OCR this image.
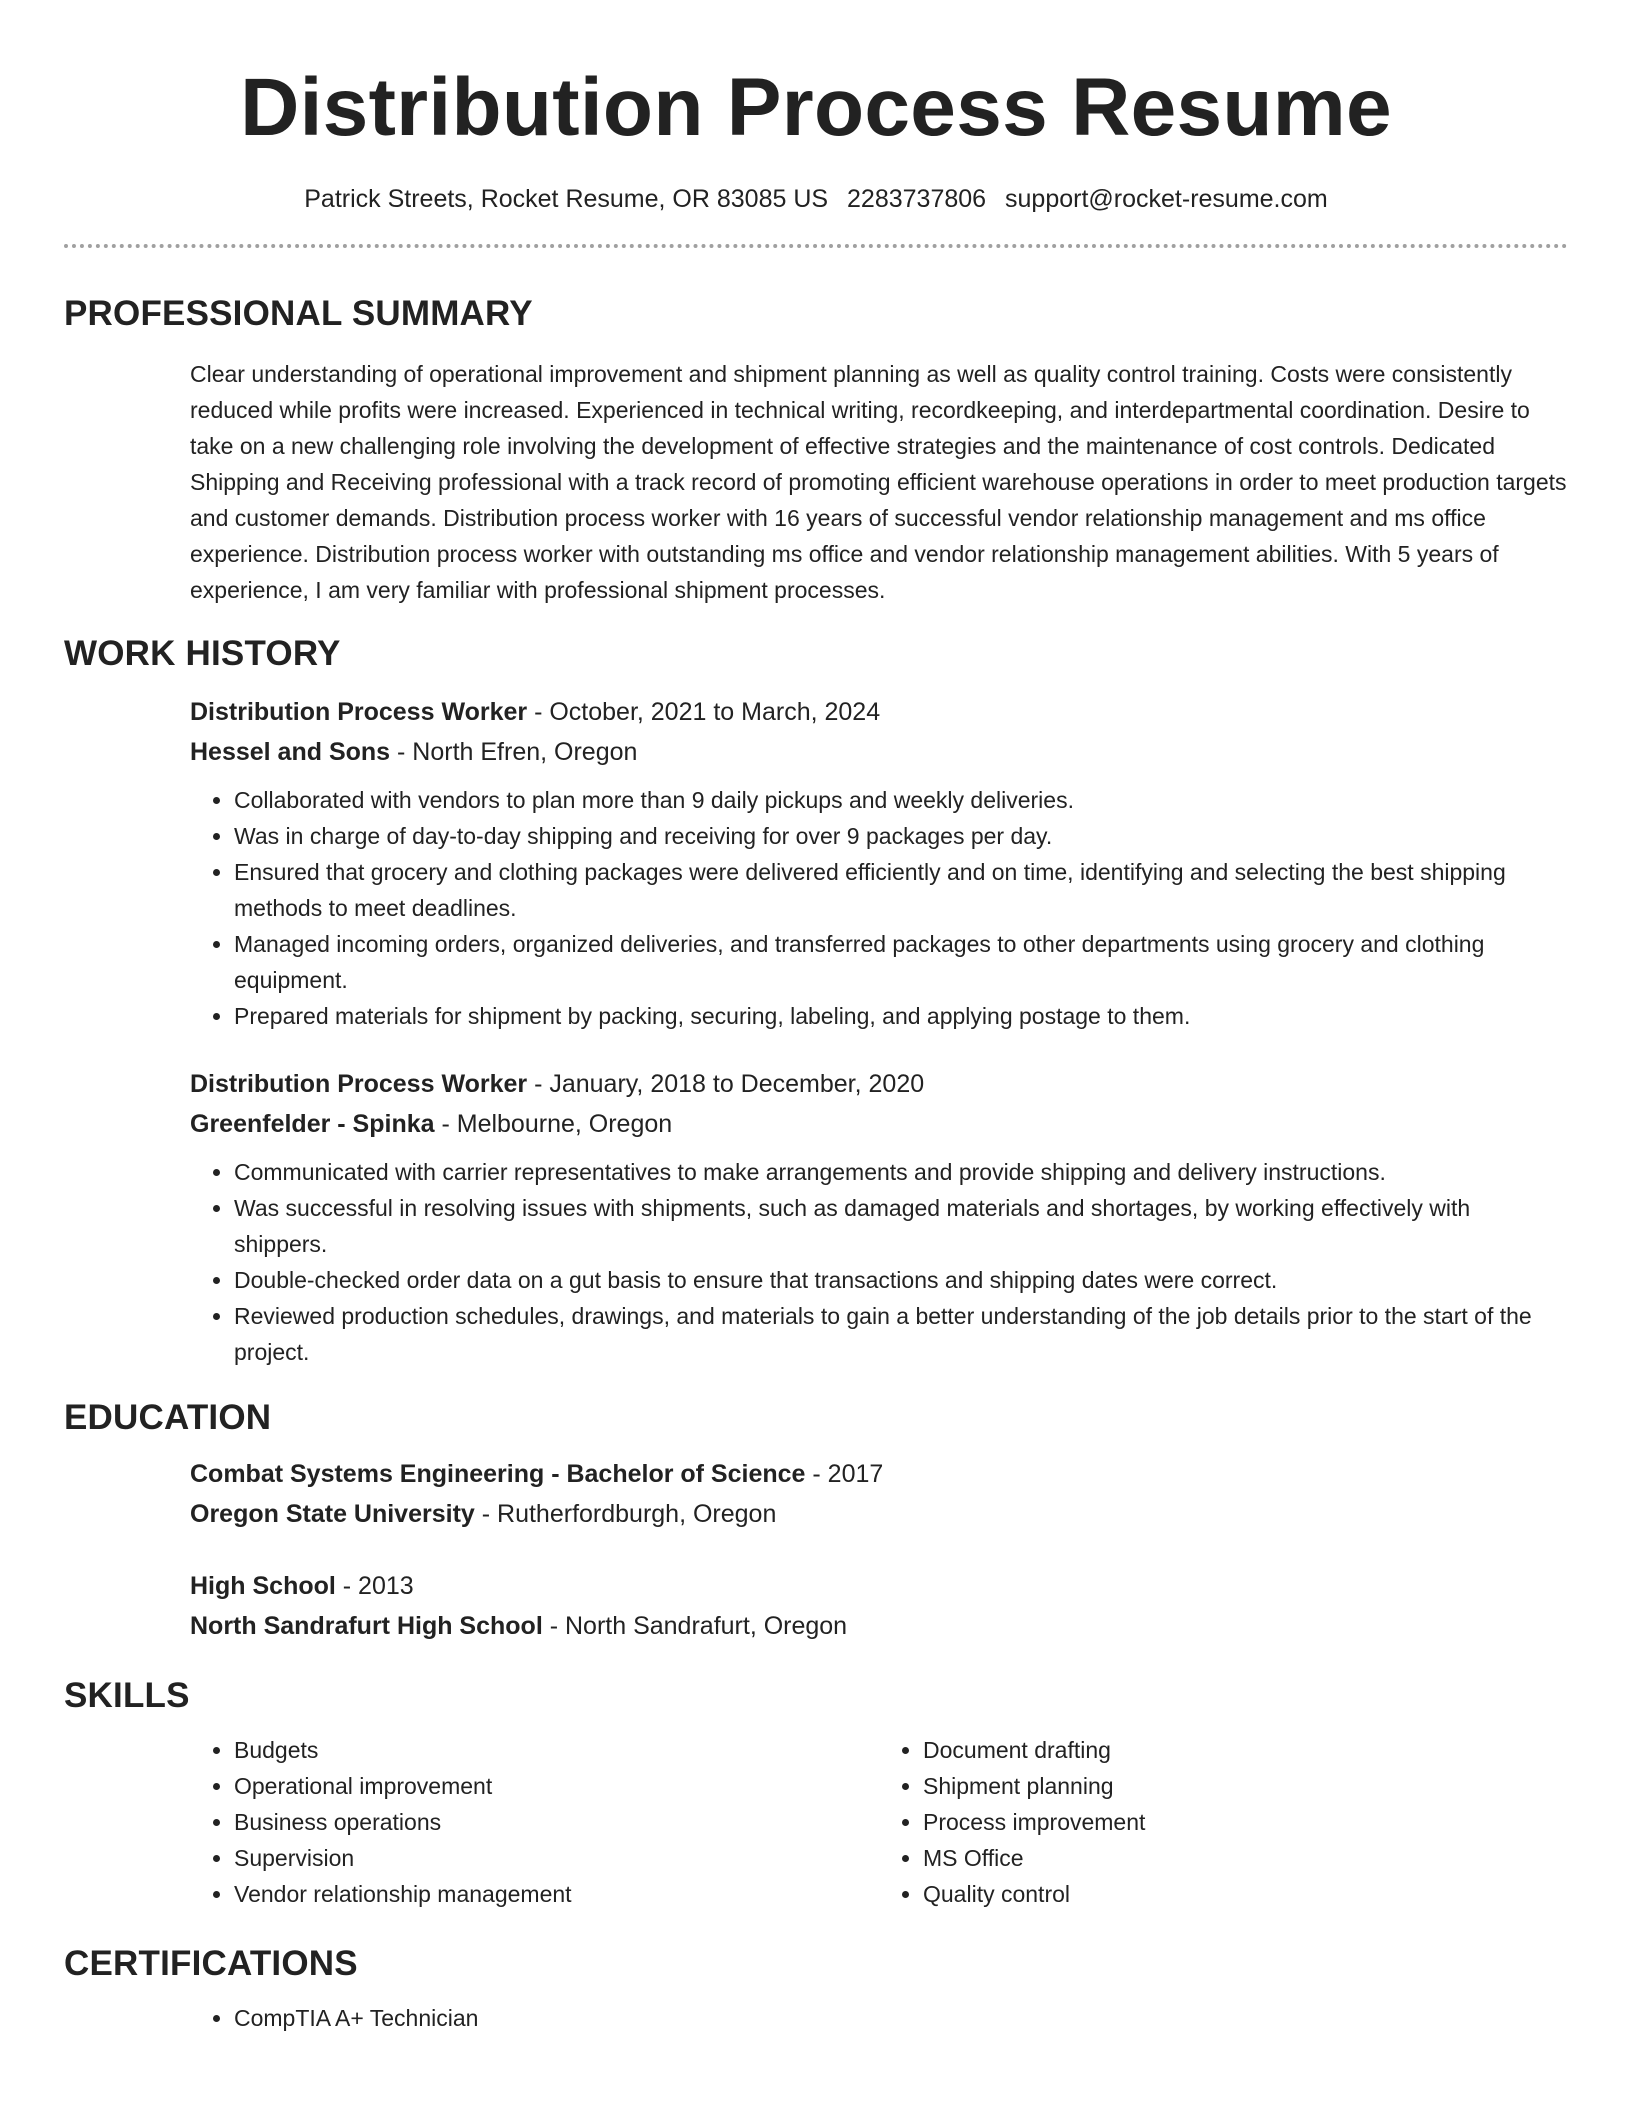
Distribution Process Resume
Patrick Streets, Rocket Resume, OR 83085 US 2283737806 support@rocket-resume.com
PROFESSIONAL SUMMARY

Clear understanding of operational improvement and shipment planning as well as quality control training. Costs were consistently reduced while profits were increased. Experienced in technical writing, recordkeeping, and interdepartmental coordination. Desire to take on a new challenging role involving the development of effective strategies and the maintenance of cost controls. Dedicated Shipping and Receiving professional with a track record of promoting efficient warehouse operations in order to meet production targets and customer demands. Distribution process worker with 16 years of successful vendor relationship management and ms office experience. Distribution process worker with outstanding ms office and vendor relationship management abilities. With 5 years of experience, I am very familiar with professional shipment processes.

WORK HISTORY
Distribution Process Worker - October, 2021 to March, 2024
Hessel and Sons - North Efren, Oregon
• Collaborated with vendors to plan more than 9 daily pickups and weekly deliveries.
• Was in charge of day-to-day shipping and receiving for over 9 packages per day.
• Ensured that grocery and clothing packages were delivered efficiently and on time, identifying and selecting the best shipping methods to meet deadlines.
• Managed incoming orders, organized deliveries, and transferred packages to other departments using grocery and clothing equipment.
• Prepared materials for shipment by packing, securing, labeling, and applying postage to them.
Distribution Process Worker - January, 2018 to December, 2020
Greenfelder - Spinka - Melbourne, Oregon
• Communicated with carrier representatives to make arrangements and provide shipping and delivery instructions.
• Was successful in resolving issues with shipments, such as damaged materials and shortages, by working effectively with shippers.
• Double-checked order data on a gut basis to ensure that transactions and shipping dates were correct.
• Reviewed production schedules, drawings, and materials to gain a better understanding of the job details prior to the start of the project.
EDUCATION
Combat Systems Engineering - Bachelor of Science - 2017
Oregon State University - Rutherfordburgh, Oregon
High School - 2013
North Sandrafurt High School - North Sandrafurt, Oregon
SKILLS
• Budgets
• Operational improvement
• Business operations
• Supervision
• Vendor relationship management
• Document drafting
• Shipment planning
• Process improvement
• MS Office
• Quality control
CERTIFICATIONS
• CompTIA A+ Technician
